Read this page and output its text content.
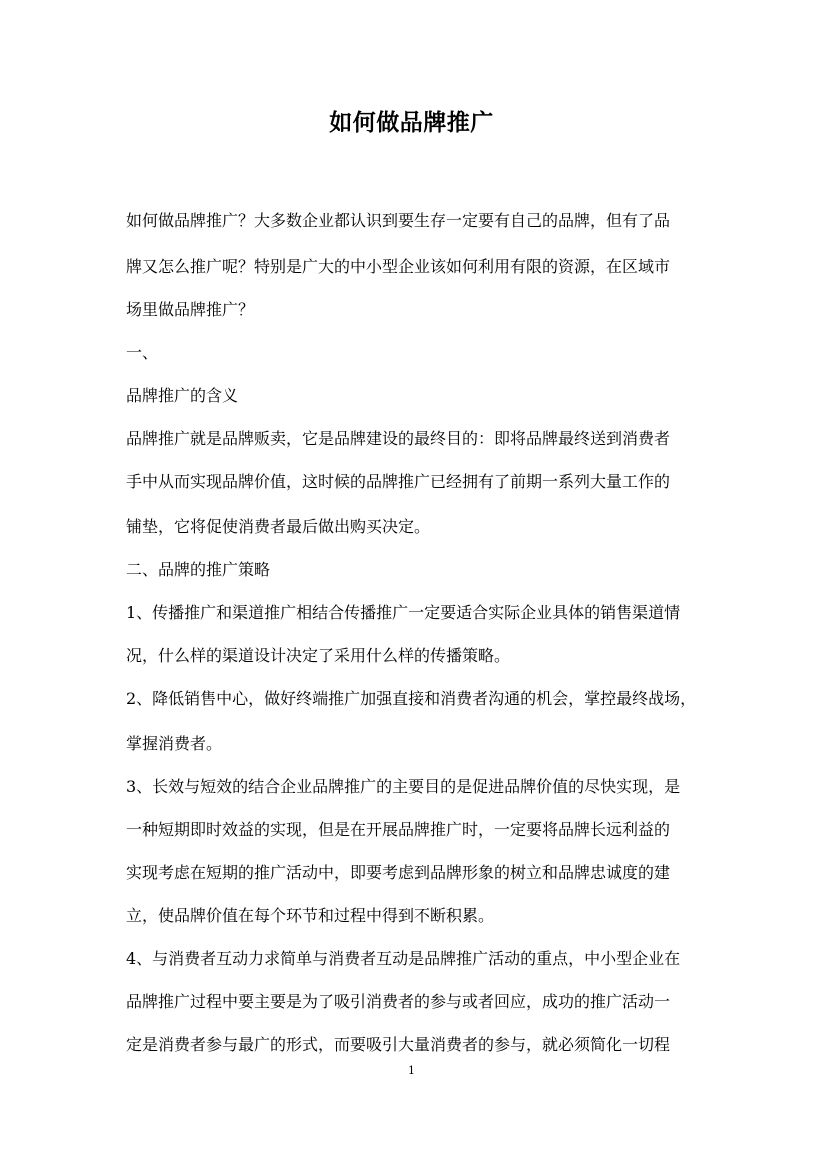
如何做品牌推广
如何做品牌推广？大多数企业都认识到要生存一定要有自己的品牌，但有了品
牌又怎么推广呢？特别是广大的中小型企业该如何利用有限的资源，在区域市
场里做品牌推广？
一、
品牌推广的含义
品牌推广就是品牌贩卖，它是品牌建设的最终目的：即将品牌最终送到消费者
手中从而实现品牌价值，这时候的品牌推广已经拥有了前期一系列大量工作的
铺垫，它将促使消费者最后做出购买决定。
二、品牌的推广策略
1、传播推广和渠道推广相结合传播推广一定要适合实际企业具体的销售渠道情
况，什么样的渠道设计决定了采用什么样的传播策略。
2、降低销售中心，做好终端推广加强直接和消费者沟通的机会，掌控最终战场，
掌握消费者。
3、长效与短效的结合企业品牌推广的主要目的是促进品牌价值的尽快实现，是
一种短期即时效益的实现，但是在开展品牌推广时，一定要将品牌长远利益的
实现考虑在短期的推广活动中，即要考虑到品牌形象的树立和品牌忠诚度的建
立，使品牌价值在每个环节和过程中得到不断积累。
4、与消费者互动力求简单与消费者互动是品牌推广活动的重点，中小型企业在
品牌推广过程中要主要是为了吸引消费者的参与或者回应，成功的推广活动一
定是消费者参与最广的形式，而要吸引大量消费者的参与，就必须简化一切程
1
